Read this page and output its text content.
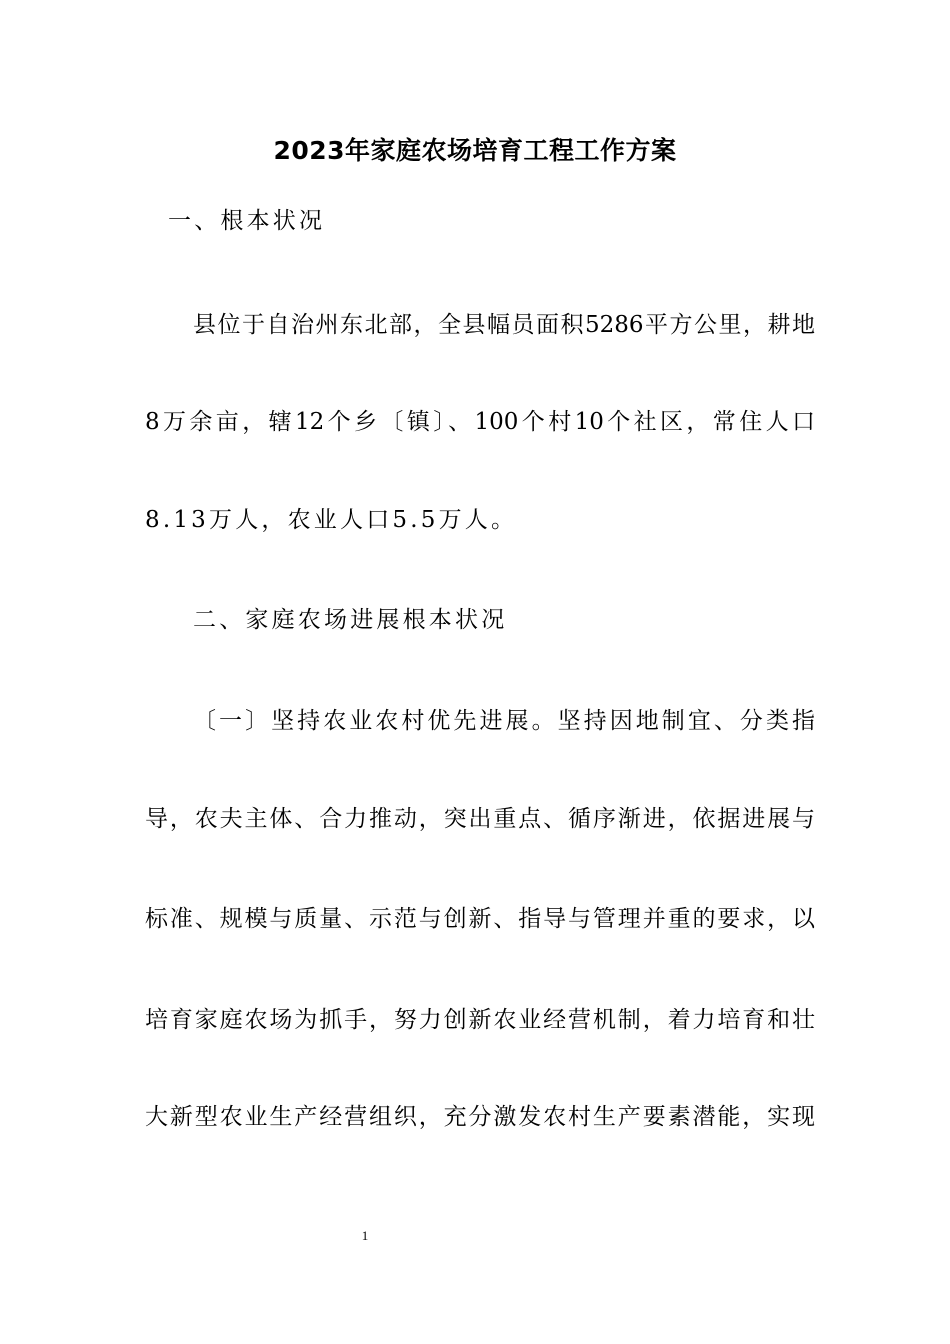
2023年家庭农场培育工程工作方案
一、根本状况
县位于自治州东北部，全县幅员面积5286平方公里，耕地
8万余亩，辖12个乡〔镇〕、100个村10个社区，常住人口
8.13万人，农业人口5.5万人。
二、家庭农场进展根本状况
〔一〕坚持农业农村优先进展。坚持因地制宜、分类指
导，农夫主体、合力推动，突出重点、循序渐进，依据进展与
标准、规模与质量、示范与创新、指导与管理并重的要求，以
培育家庭农场为抓手，努力创新农业经营机制，着力培育和壮
大新型农业生产经营组织，充分激发农村生产要素潜能，实现
1
